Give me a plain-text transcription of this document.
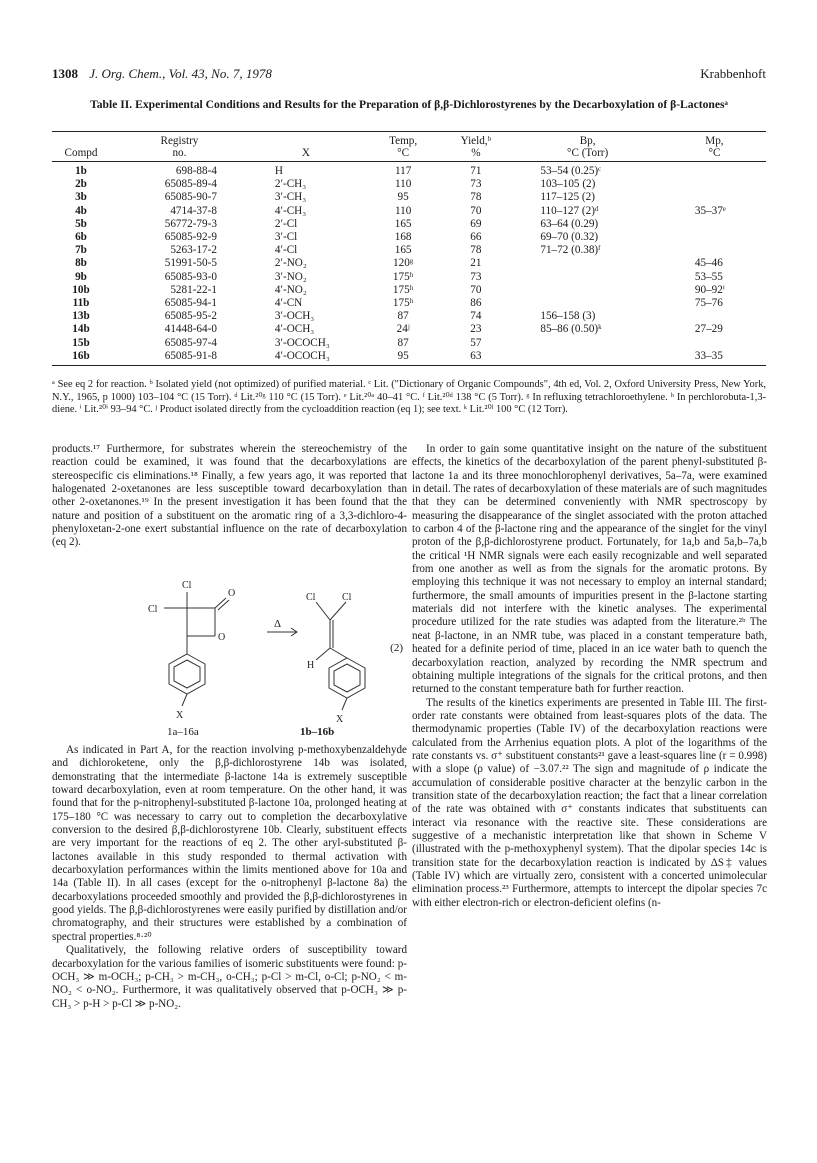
1308 J. Org. Chem., Vol. 43, No. 7, 1978	Krabbenhoft
Table II. Experimental Conditions and Results for the Preparation of β,β-Dichlorostyrenes by the Decarboxylation of β-Lactonesᵃ
	Registry		Temp,	Yield,ᵇ	Bp,	Mp,
Compd	no.	X	°C	%	°C (Torr)	°C
1b	698-88-4	H	117	71	53–54 (0.25)ᶜ	
2b	65085-89-4	2′-CH₃	110	73	103–105 (2)	
3b	65085-90-7	3′-CH₃	95	78	117–125 (2)	
4b	4714-37-8	4′-CH₃	110	70	110–127 (2)ᵈ	35–37ᵉ
5b	56772-79-3	2′-Cl	165	69	63–64 (0.29)	
6b	65085-92-9	3′-Cl	168	66	69–70 (0.32)	
7b	5263-17-2	4′-Cl	165	78	71–72 (0.38)ᶠ	
8b	51991-50-5	2′-NO₂	120ᵍ	21		45–46
9b	65085-93-0	3′-NO₂	175ʰ	73		53–55
10b	5281-22-1	4′-NO₂	175ʰ	70		90–92ⁱ
11b	65085-94-1	4′-CN	175ʰ	86		75–76
13b	65085-95-2	3′-OCH₃	87	74	156–158 (3)	
14b	41448-64-0	4′-OCH₃	24ʲ	23	85–86 (0.50)ᵏ	27–29
15b	65085-97-4	3′-OCOCH₃	87	57		
16b	65085-91-8	4′-OCOCH₃	95	63		33–35
ᵃ See eq 2 for reaction. ᵇ Isolated yield (not optimized) of purified material. ᶜ Lit. ("Dictionary of Organic Compounds", 4th ed, Vol. 2, Oxford University Press, New York, N.Y., 1965, p 1000) 103–104 °C (15 Torr). ᵈ Lit.²⁰ᵍ 110 °C (15 Torr). ᵉ Lit.²⁰ᵃ 40–41 °C. ᶠ Lit.²⁰ᵈ 138 °C (5 Torr). ᵍ In refluxing tetrachloroethylene. ʰ In perchlorobuta-1,3-diene. ⁱ Lit.²⁰ⁱ 93–94 °C. ʲ Product isolated directly from the cycloaddition reaction (eq 1); see text. ᵏ Lit.²⁰ˡ 100 °C (12 Torr).

products.¹⁷ Furthermore, for substrates wherein the stereochemistry of the reaction could be examined, it was found that the decarboxylations are stereospecific cis eliminations.¹⁸ Finally, a few years ago, it was reported that halogenated 2-oxetanones are less susceptible toward decarboxylation than other 2-oxetanones.¹⁹ In the present investigation it has been found that the nature and position of a substituent on the aromatic ring of a 3,3-dichloro-4-phenyloxetan-2-one exert substantial influence on the rate of decarboxylation (eq 2).

Cl
Cl
O
O
X
Δ
Cl	Cl
H
X
(2)
1a–16a	1b–16b

As indicated in Part A, for the reaction involving p-methoxybenzaldehyde and dichloroketene, only the β,β-dichlorostyrene 14b was isolated, demonstrating that the intermediate β-lactone 14a is extremely susceptible toward decarboxylation, even at room temperature. On the other hand, it was found that for the p-nitrophenyl-substituted β-lactone 10a, prolonged heating at 175–180 °C was necessary to carry out to completion the decarboxylative conversion to the desired β,β-dichlorostyrene 10b. Clearly, substituent effects are very important for the reactions of eq 2. The other aryl-substituted β-lactones available in this study responded to thermal activation with decarboxylation performances within the limits mentioned above for 10a and 14a (Table II). In all cases (except for the o-nitrophenyl β-lactone 8a) the decarboxylations proceeded smoothly and provided the β,β-dichlorostyrenes in good yields. The β,β-dichlorostyrenes were easily purified by distillation and/or chromatography, and their structures were established by a combination of spectral properties.⁸·²⁰

Qualitatively, the following relative orders of susceptibility toward decarboxylation for the various families of isomeric substituents were found: p-OCH₃ ≫ m-OCH₃; p-CH₃ > m-CH₃, o-CH₃; p-Cl > m-Cl, o-Cl; p-NO₂ < m-NO₂ < o-NO₂. Furthermore, it was qualitatively observed that p-OCH₃ ≫ p-CH₃ > p-H > p-Cl ≫ p-NO₂.

In order to gain some quantitative insight on the nature of the substituent effects, the kinetics of the decarboxylation of the parent phenyl-substituted β-lactone 1a and its three monochlorophenyl derivatives, 5a–7a, were examined in detail. The rates of decarboxylation of these materials are of such magnitudes that they can be determined conveniently with NMR spectroscopy by measuring the disappearance of the singlet associated with the proton attached to carbon 4 of the β-lactone ring and the appearance of the singlet for the vinyl proton of the β,β-dichlorostyrene product. Fortunately, for 1a,b and 5a,b–7a,b the critical ¹H NMR signals were each easily recognizable and well separated from one another as well as from the signals for the aromatic protons. By employing this technique it was not necessary to employ an internal standard; furthermore, the small amounts of impurities present in the β-lactone starting materials did not interfere with the kinetic analyses. The experimental procedure utilized for the rate studies was adapted from the literature.²ᵇ The neat β-lactone, in an NMR tube, was placed in a constant temperature bath, heated for a definite period of time, placed in an ice water bath to quench the decarboxylation reaction, analyzed by recording the NMR spectrum and obtaining multiple integrations of the signals for the critical protons, and then returned to the constant temperature bath for further reaction.

The results of the kinetics experiments are presented in Table III. The first-order rate constants were obtained from least-squares plots of the data. The thermodynamic properties (Table IV) of the decarboxylation reactions were calculated from the Arrhenius equation plots. A plot of the logarithms of the rate constants vs. σ⁺ substituent constants²¹ gave a least-squares line (r = 0.998) with a slope (ρ value) of −3.07.²² The sign and magnitude of ρ indicate the accumulation of considerable positive character at the benzylic carbon in the transition state of the decarboxylation reaction; the fact that a linear correlation of the rate was obtained with σ⁺ constants indicates that substituents can interact via resonance with the reactive site. These considerations are suggestive of a mechanistic interpretation like that shown in Scheme V (illustrated with the p-methoxyphenyl system). That the dipolar species 14c is transition state for the decarboxylation reaction is indicated by ΔS‡ values (Table IV) which are virtually zero, consistent with a concerted unimolecular elimination process.²³ Furthermore, attempts to intercept the dipolar species 7c with either electron-rich or electron-deficient olefins (n-
